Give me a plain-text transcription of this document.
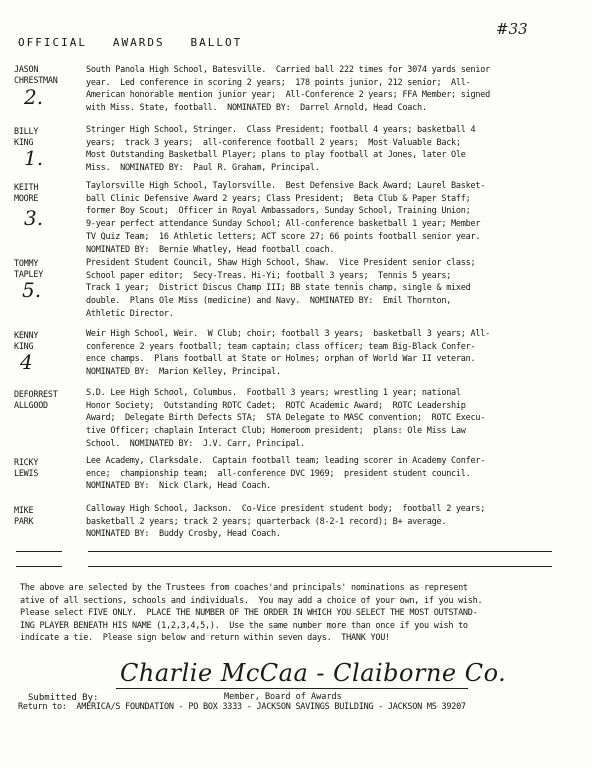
OFFICIAL   AWARDS   BALLOT
#33
JASON
CHRESTMAN
2.
South Panola High School, Batesville.  Carried ball 222 times for 3074 yards senior
year.  Led conference in scoring 2 years;  178 points junior, 212 senior;  All-
American honorable mention junior year;  All-Conference 2 years; FFA Member; signed
with Miss. State, football.  NOMINATED BY:  Darrel Arnold, Head Coach.
BILLY
KING
1.
Stringer High School, Stringer.  Class President; football 4 years; basketball 4
years;  track 3 years;  all-conference football 2 years;  Most Valuable Back;
Most Outstanding Basketball Player; plans to play football at Jones, later Ole
Miss.  NOMINATED BY:  Paul R. Graham, Principal.
KEITH
MOORE
3.
Taylorsville High School, Taylorsville.  Best Defensive Back Award; Laurel Basket-
ball Clinic Defensive Award 2 years; Class President;  Beta Club & Paper Staff;
former Boy Scout;  Officer in Royal Ambassadors, Sunday School, Training Union;
9-year perfect attendance Sunday School; All-conference basketball 1 year; Member
TV Quiz Team;  16 Athletic letters; ACT score 27; 66 points football senior year.
NOMINATED BY:  Bernie Whatley, Head football coach.
TOMMY
TAPLEY
5.
President Student Council, Shaw High School, Shaw.  Vice President senior class;
School paper editor;  Secy-Treas. Hi-Yi; football 3 years;  Tennis 5 years;
Track 1 year;  District Discus Champ III; BB state tennis champ, single & mixed
double.  Plans Ole Miss (medicine) and Navy.  NOMINATED BY:  Emil Thornton,
Athletic Director.
KENNY
KING
4
Weir High School, Weir.  W Club; choir; football 3 years;  basketball 3 years; All-
conference 2 years football; team captain; class officer; team Big-Black Confer-
ence champs.  Plans football at State or Holmes; orphan of World War II veteran.
NOMINATED BY:  Marion Kelley, Principal.
DEFORREST
ALLGOOD
S.D. Lee High School, Columbus.  Football 3 years; wrestling 1 year; national
Honor Society;  Outstanding ROTC Cadet;  ROTC Academic Award;  ROTC Leadership
Award;  Delegate Birth Defects STA;  STA Delegate to MASC convention;  ROTC Execu-
tive Officer; chaplain Interact Club; Homeroom president;  plans: Ole Miss Law
School.  NOMINATED BY:  J.V. Carr, Principal.
RICKY
LEWIS
Lee Academy, Clarksdale.  Captain football team; leading scorer in Academy Confer-
ence;  championship team;  all-conference DVC 1969;  president student council.
NOMINATED BY:  Nick Clark, Head Coach.
MIKE
PARK
Calloway High School, Jackson.  Co-Vice president student body;  football 2 years;
basketball 2 years; track 2 years; quarterback (8-2-1 record); B+ average.
NOMINATED BY:  Buddy Crosby, Head Coach.
The above are selected by the Trustees from coaches'and principals' nominations as represent
ative of all sections, schools and individuals.  You may add a choice of your own, if you wish.
Please select FIVE ONLY.  PLACE THE NUMBER OF THE ORDER IN WHICH YOU SELECT THE MOST OUTSTAND-
ING PLAYER BENEATH HIS NAME (1,2,3,4,5,).  Use the same number more than once if you wish to
indicate a tie.  Please sign below and return within seven days.  THANK YOU!
Submitted By:
Charlie McCaa - Claiborne Co.
Member, Board of Awards
Return to:  AMERICA/S FOUNDATION - PO BOX 3333 - JACKSON SAVINGS BUILDING - JACKSON MS 39207
